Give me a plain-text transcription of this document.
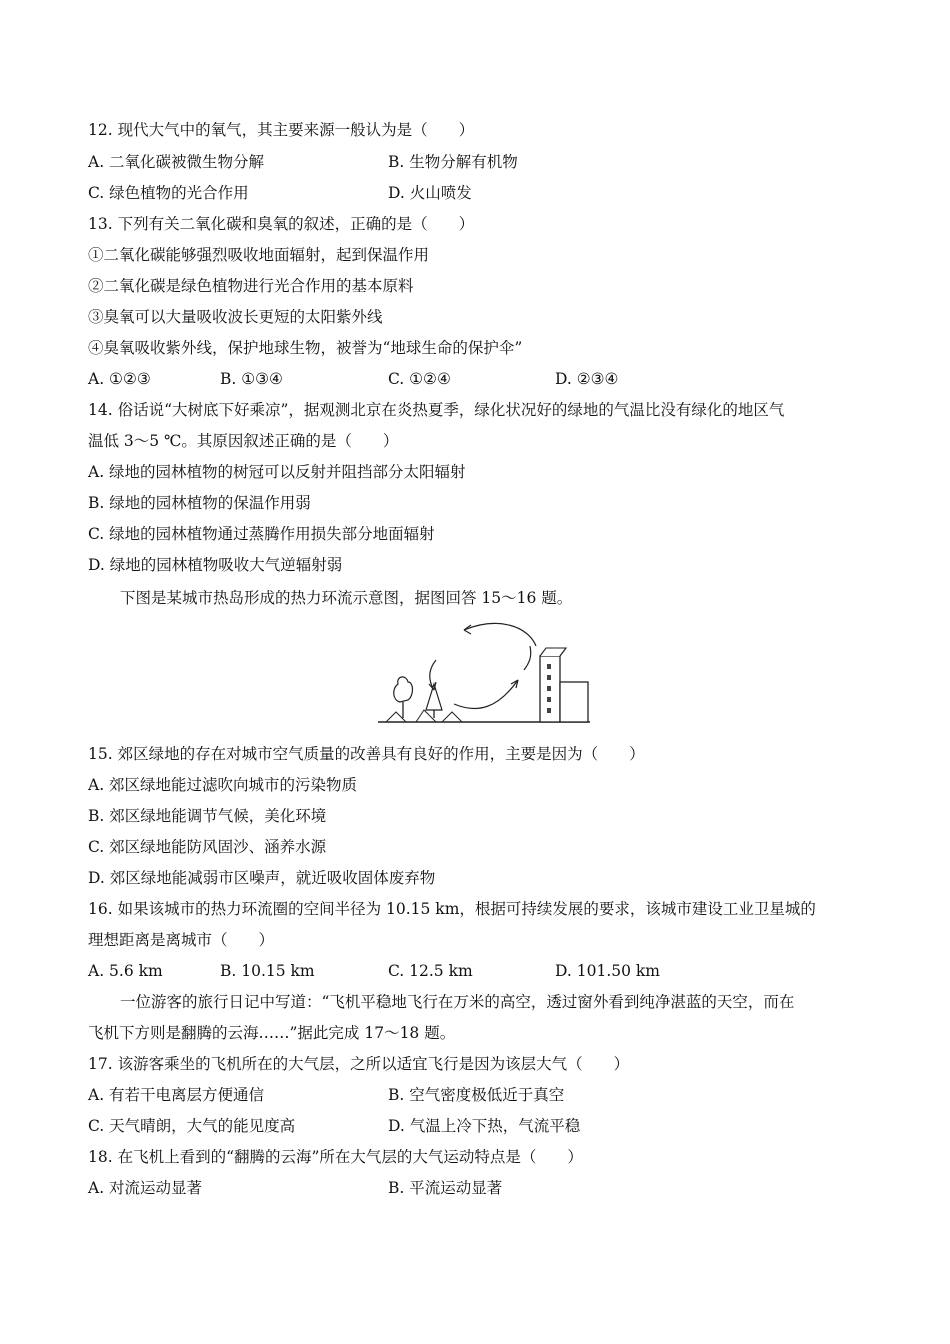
12. 现代大气中的氧气，其主要来源一般认为是（　　）
A. 二氧化碳被微生物分解	B. 生物分解有机物
C. 绿色植物的光合作用	D. 火山喷发
13. 下列有关二氧化碳和臭氧的叙述，正确的是（　　）
①二氧化碳能够强烈吸收地面辐射，起到保温作用
②二氧化碳是绿色植物进行光合作用的基本原料
③臭氧可以大量吸收波长更短的太阳紫外线
④臭氧吸收紫外线，保护地球生物，被誉为“地球生命的保护伞”
A. ①②③	B. ①③④	C. ①②④	D. ②③④
14. 俗话说“大树底下好乘凉”，据观测北京在炎热夏季，绿化状况好的绿地的气温比没有绿化的地区气
温低 3～5 ℃。其原因叙述正确的是（　　）
A. 绿地的园林植物的树冠可以反射并阻挡部分太阳辐射
B. 绿地的园林植物的保温作用弱
C. 绿地的园林植物通过蒸腾作用损失部分地面辐射
D. 绿地的园林植物吸收大气逆辐射弱
下图是某城市热岛形成的热力环流示意图，据图回答 15～16 题。
15. 郊区绿地的存在对城市空气质量的改善具有良好的作用，主要是因为（　　）
A. 郊区绿地能过滤吹向城市的污染物质
B. 郊区绿地能调节气候，美化环境
C. 郊区绿地能防风固沙、涵养水源
D. 郊区绿地能减弱市区噪声，就近吸收固体废弃物
16. 如果该城市的热力环流圈的空间半径为 10.15 km，根据可持续发展的要求，该城市建设工业卫星城的
理想距离是离城市（　　）
A. 5.6 km	B. 10.15 km	C. 12.5 km	D. 101.50 km
一位游客的旅行日记中写道：“飞机平稳地飞行在万米的高空，透过窗外看到纯净湛蓝的天空，而在
飞机下方则是翻腾的云海……”据此完成 17～18 题。
17. 该游客乘坐的飞机所在的大气层，之所以适宜飞行是因为该层大气（　　）
A. 有若干电离层方便通信	B. 空气密度极低近于真空
C. 天气晴朗，大气的能见度高	D. 气温上冷下热，气流平稳
18. 在飞机上看到的“翻腾的云海”所在大气层的大气运动特点是（　　）
A. 对流运动显著	B. 平流运动显著
